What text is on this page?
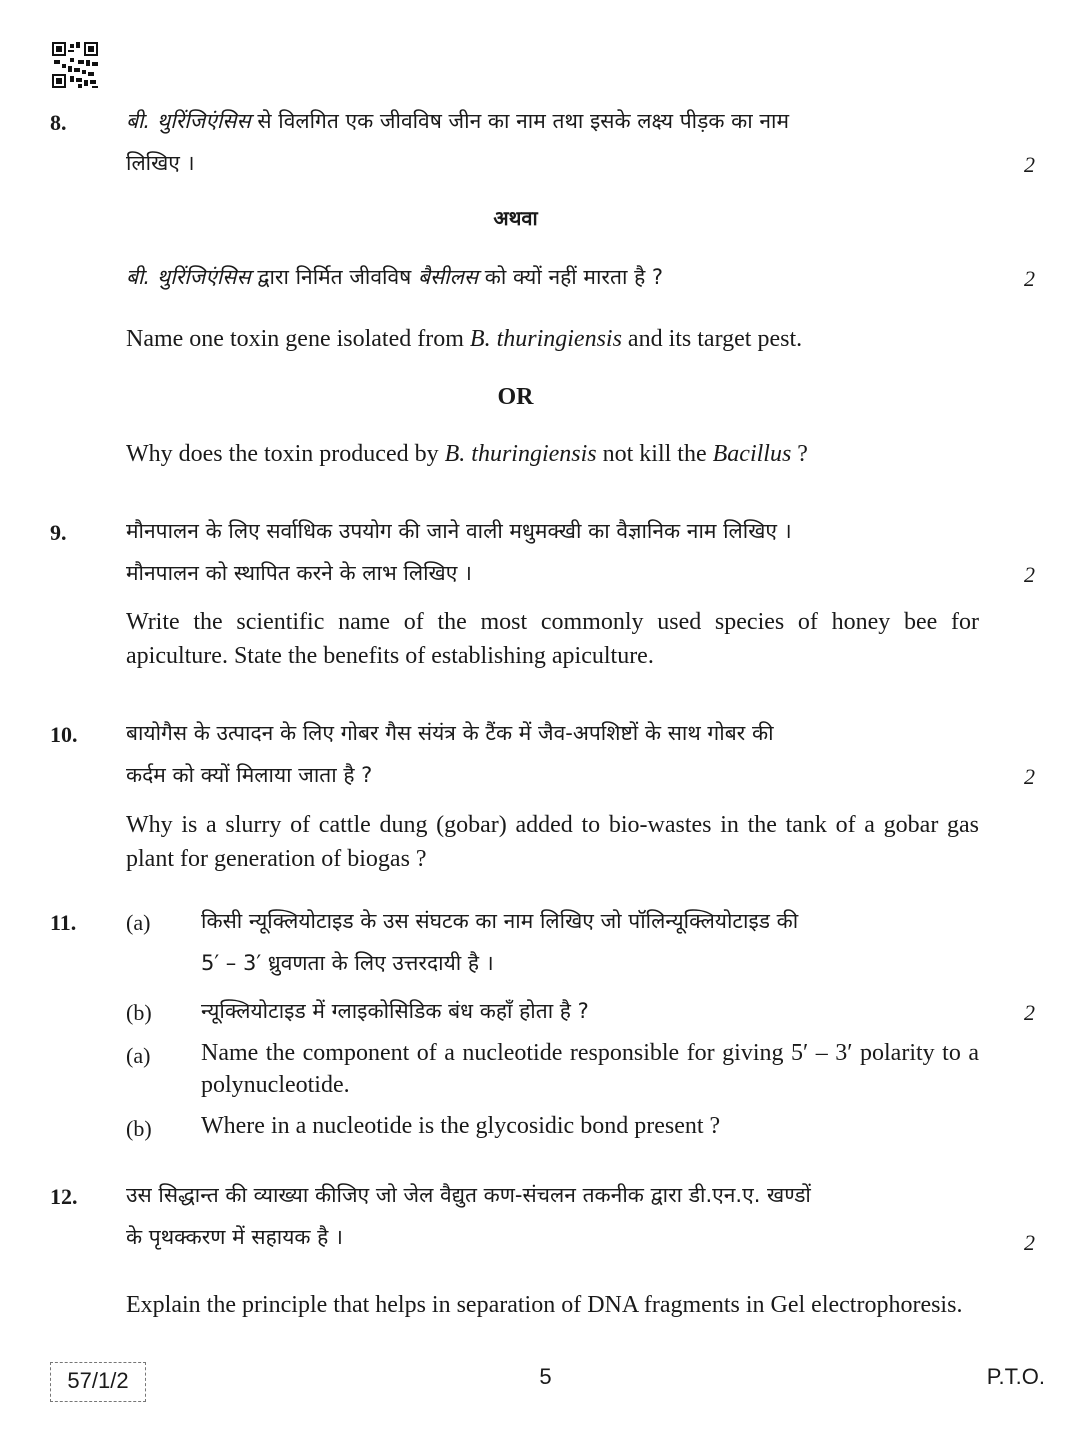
8.	बी. थुरिंजिएंसिस से विलगित एक जीवविष जीन का नाम तथा इसके लक्ष्य पीड़क का नाम
लिखिए ।	2
अथवा
बी. थुरिंजिएंसिस द्वारा निर्मित जीवविष बैसीलस को क्यों नहीं मारता है ?	2
Name one toxin gene isolated from B. thuringiensis and its target pest.
OR
Why does the toxin produced by B. thuringiensis not kill the Bacillus ?
9.	मौनपालन के लिए सर्वाधिक उपयोग की जाने वाली मधुमक्खी का वैज्ञानिक नाम लिखिए ।
मौनपालन को स्थापित करने के लाभ लिखिए ।	2
Write the scientific name of the most commonly used species of honey bee for apiculture. State the benefits of establishing apiculture.
10. बायोगैस के उत्पादन के लिए गोबर गैस संयंत्र के टैंक में जैव-अपशिष्टों के साथ गोबर की
कर्दम को क्यों मिलाया जाता है ?	2
Why is a slurry of cattle dung (gobar) added to bio-wastes in the tank of a gobar gas plant for generation of biogas ?
11. (a) किसी न्यूक्लियोटाइड के उस संघटक का नाम लिखिए जो पॉलिन्यूक्लियोटाइड की
5′ – 3′ ध्रुवणता के लिए उत्तरदायी है ।
(b) न्यूक्लियोटाइड में ग्लाइकोसिडिक बंध कहाँ होता है ?	2
(a) Name the component of a nucleotide responsible for giving 5′ – 3′ polarity to a polynucleotide.
(b) Where in a nucleotide is the glycosidic bond present ?
12. उस सिद्धान्त की व्याख्या कीजिए जो जेल वैद्युत कण-संचलन तकनीक द्वारा डी.एन.ए. खण्डों
के पृथक्करण में सहायक है ।	2
Explain the principle that helps in separation of DNA fragments in Gel electrophoresis.
57/1/2	5	P.T.O.
